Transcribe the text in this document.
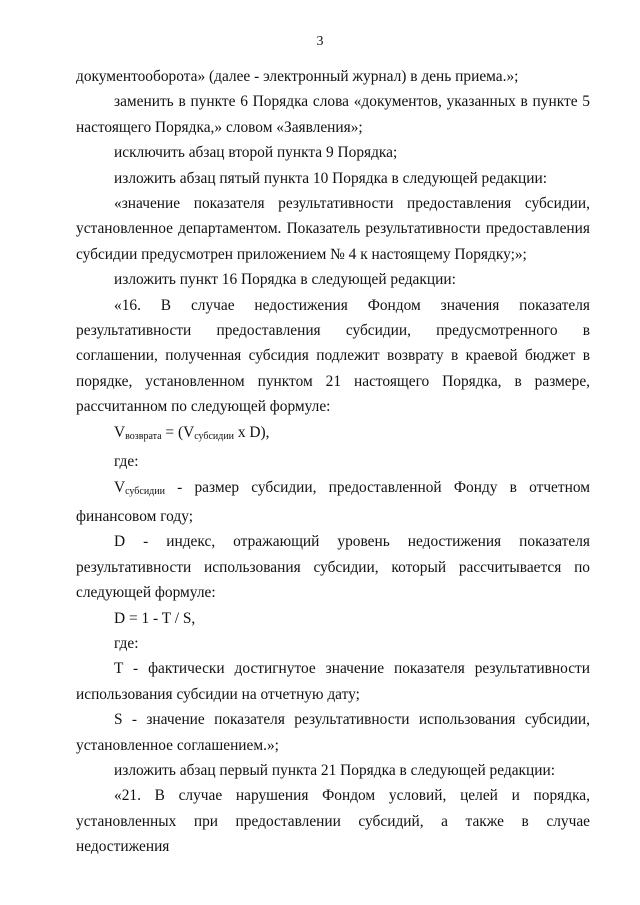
3

документооборота» (далее - электронный журнал) в день приема.»;

заменить в пункте 6 Порядка слова «документов, указанных в пункте 5 настоящего Порядка,» словом «Заявления»;

исключить абзац второй пункта 9 Порядка;

изложить абзац пятый пункта 10 Порядка в следующей редакции:

«значение показателя результативности предоставления субсидии, установленное департаментом. Показатель результативности предоставления субсидии предусмотрен приложением № 4 к настоящему Порядку;»;

изложить пункт 16 Порядка в следующей редакции:

«16. В случае недостижения Фондом значения показателя результативности предоставления субсидии, предусмотренного в соглашении, полученная субсидия подлежит возврату в краевой бюджет в порядке, установленном пунктом 21 настоящего Порядка, в размере, рассчитанном по следующей формуле:

$V_{возврата} = (V_{субсидии}$ x D),

где:

$V_{субсидии}$ - размер субсидии, предоставленной Фонду в отчетном финансовом году;

D - индекс, отражающий уровень недостижения показателя результативности использования субсидии, который рассчитывается по следующей формуле:

D = 1 - T / S,

где:

T - фактически достигнутое значение показателя результативности использования субсидии на отчетную дату;

S - значение показателя результативности использования субсидии, установленное соглашением.»;

изложить абзац первый пункта 21 Порядка в следующей редакции:

«21. В случае нарушения Фондом условий, целей и порядка, установленных при предоставлении субсидий, а также в случае недостижения
